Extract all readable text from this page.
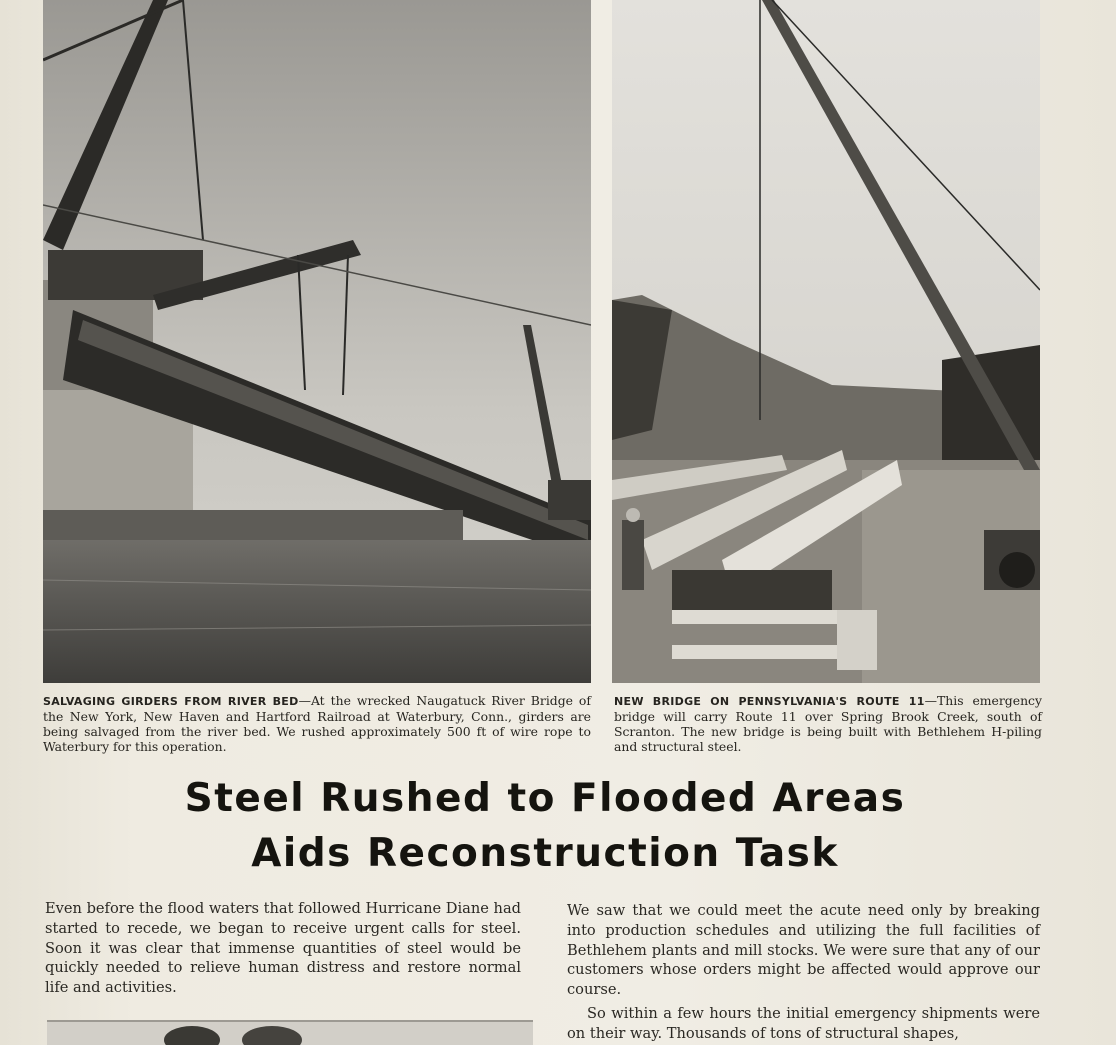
SALVAGING GIRDERS FROM RIVER BED—At the wrecked Naugatuck River Bridge of the New York, New Haven and Hartford Railroad at Waterbury, Conn., girders are being salvaged from the river bed. We rushed approximately 500 ft of wire rope to Waterbury for this operation.
NEW BRIDGE ON PENNSYLVANIA'S ROUTE 11—This emergency bridge will carry Route 11 over Spring Brook Creek, south of Scranton. The new bridge is being built with Bethlehem H-piling and structural steel.
Steel Rushed to Flooded Areas
Aids Reconstruction Task

Even before the flood waters that followed Hurricane Diane had started to recede, we began to receive urgent calls for steel. Soon it was clear that immense quantities of steel would be quickly needed to relieve human distress and restore normal life and activities.

We saw that we could meet the acute need only by breaking into production schedules and utilizing the full facilities of Bethlehem plants and mill stocks. We were sure that any of our customers whose orders might be affected would approve our course.

So within a few hours the initial emergency shipments were on their way. Thousands of tons of structural shapes,
